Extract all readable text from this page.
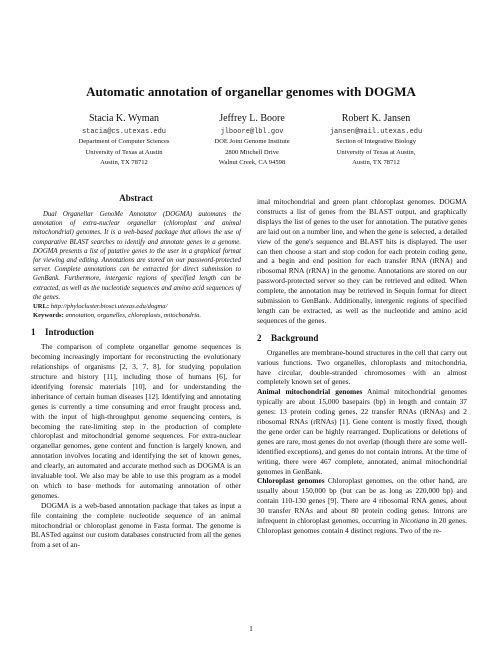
Automatic annotation of organellar genomes with DOGMA
Stacia K. Wyman
stacia@cs.utexas.edu
Department of Computer Sciences
University of Texas at Austin
Austin, TX 78712
Jeffrey L. Boore
jlboore@lbl.gov
DOE Joint Genome Institute
2800 Mitchell Drive
Walnut Creek, CA 94598
Robert K. Jansen
jansen@mail.utexas.edu
Section of Integrative Biology
University of Texas at Austin,
Austin, TX 78712

Abstract

Dual Organellar GenoMe Annotator (DOGMA) automates the annotation of extra-nuclear organellar (chloroplast and animal mitochondrial) genomes. It is a web-based package that allows the use of comparative BLAST searches to identify and annotate genes in a genome. DOGMA presents a list of putative genes to the user in a graphical format for viewing and editing. Annotations are stored on our password-protected server. Complete annotations can be extracted for direct submission to GenBank. Furthermore, intergenic regions of specified length can be extracted, as well as the nucleotide sequences and amino acid sequences of the genes.

URL: http://phylocluster.biosci.utexas.edu/dogma/

Keywords: annotation, organelles, chloroplasts, mitochondria.

1 Introduction

The comparison of complete organellar genome sequences is becoming increasingly important for reconstructing the evolutionary relationships of organisms [2, 3, 7, 8], for studying population structure and history [11], including those of humans [6], for identifying forensic materials [10], and for understanding the inheritance of certain human diseases [12]. Identifying and annotating genes is currently a time consuming and error fraught process and, with the input of high-throughput genome sequencing centers, is becoming the rate-limiting step in the production of complete chloroplast and mitochondrial genome sequences. For extra-nuclear organellar genomes, gene content and function is largely known, and annotation involves locating and identifying the set of known genes, and clearly, an automated and accurate method such as DOGMA is an invaluable tool. We also may be able to use this program as a model on which to base methods for automating annotation of other genomes.

DOGMA is a web-based annotation package that takes as input a file containing the complete nucleotide sequence of an animal mitochondrial or chloroplast genome in Fasta format. The genome is BLASTed against our custom databases constructed from all the genes from a set of an-

imal mitochondrial and green plant chloroplast genomes. DOGMA constructs a list of genes from the BLAST output, and graphically displays the list of genes to the user for annotation. The putative genes are laid out on a number line, and when the gene is selected, a detailed view of the gene's sequence and BLAST hits is displayed. The user can then choose a start and stop codon for each protein coding gene, and a begin and end position for each transfer RNA (tRNA) and ribosomal RNA (rRNA) in the genome. Annotations are stored on our password-protected server so they can be retrieved and edited. When complete, the annotation may be retrieved in Sequin format for direct submission to GenBank. Additionally, intergenic regions of specified length can be extracted, as well as the nucleotide and amino acid sequences of the genes.

2 Background

Organelles are membrane-bound structures in the cell that carry out various functions. Two organelles, chloroplasts and mitochondria, have circular, double-stranded chromosomes with an almost completely known set of genes.

Animal mitochondrial genomes Animal mitochondrial genomes typically are about 15,000 basepairs (bp) in length and contain 37 genes: 13 protein coding genes, 22 transfer RNAs (tRNAs) and 2 ribosomal RNAs (rRNAs) [1]. Gene content is mostly fixed, though the gene order can be highly rearranged. Duplications or deletions of genes are rare, most genes do not overlap (though there are some well-identified exceptions), and genes do not contain introns. At the time of writing, there were 467 complete, annotated, animal mitochondrial genomes in GenBank.

Chloroplast genomes Chloroplast genomes, on the other hand, are usually about 150,000 bp (but can be as long as 220,000 bp) and contain 110-130 genes [9]. There are 4 ribosomal RNA genes, about 30 transfer RNAs and about 80 protein coding genes. Introns are infrequent in chloroplast genomes, occurring in Nicotiana in 20 genes. Chloroplast genomes contain 4 distinct regions. Two of the re-

1
